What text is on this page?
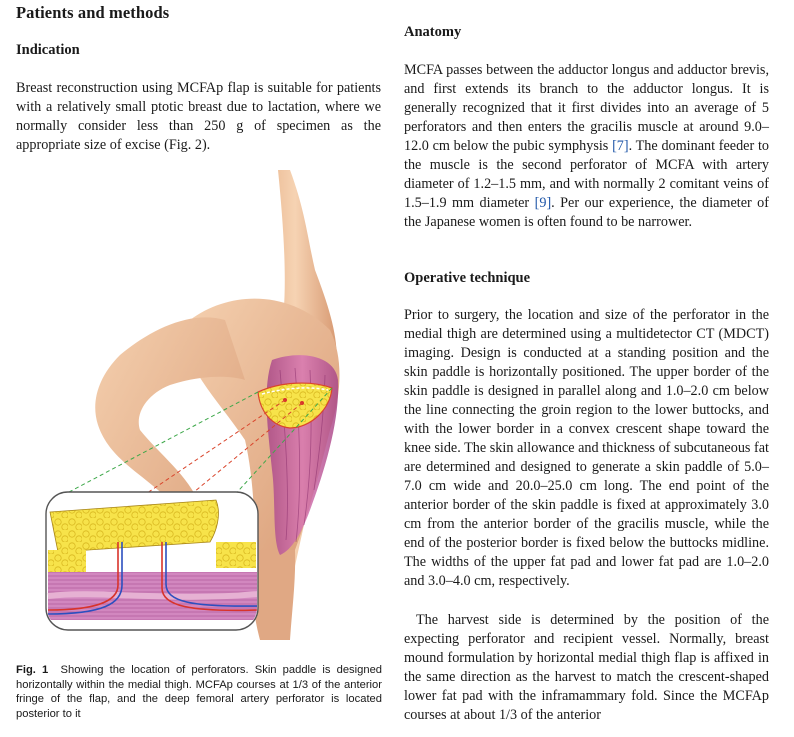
Patients and methods
Indication

Breast reconstruction using MCFAp flap is suitable for patients with a relatively small ptotic breast due to lactation, where we normally consider less than 250 g of specimen as the appropriate size of excise (Fig. 2).

Fig. 1 Showing the location of perforators. Skin paddle is designed horizontally within the medial thigh. MCFAp courses at 1/3 of the anterior fringe of the flap, and the deep femoral artery perforator is located posterior to it

Anatomy

MCFA passes between the adductor longus and adductor brevis, and first extends its branch to the adductor longus. It is generally recognized that it first divides into an average of 5 perforators and then enters the gracilis muscle at around 9.0–12.0 cm below the pubic symphysis [7]. The dominant feeder to the muscle is the second perforator of MCFA with artery diameter of 1.2–1.5 mm, and with normally 2 comitant veins of 1.5–1.9 mm diameter [9]. Per our experience, the diameter of the Japanese women is often found to be narrower.

Operative technique

Prior to surgery, the location and size of the perforator in the medial thigh are determined using a multidetector CT (MDCT) imaging. Design is conducted at a standing position and the skin paddle is horizontally positioned. The upper border of the skin paddle is designed in parallel along and 1.0–2.0 cm below the line connecting the groin region to the lower buttocks, and with the lower border in a convex crescent shape toward the knee side. The skin allowance and thickness of subcutaneous fat are determined and designed to generate a skin paddle of 5.0–7.0 cm wide and 20.0–25.0 cm long. The end point of the anterior border of the skin paddle is fixed at approximately 3.0 cm from the anterior border of the gracilis muscle, while the end of the posterior border is fixed below the buttocks midline. The widths of the upper fat pad and lower fat pad are 1.0–2.0 and 3.0–4.0 cm, respectively.

The harvest side is determined by the position of the expecting perforator and recipient vessel. Normally, breast mound formulation by horizontal medial thigh flap is affixed in the same direction as the harvest to match the crescent-shaped lower fat pad with the inframammary fold. Since the MCFAp courses at about 1/3 of the anterior
